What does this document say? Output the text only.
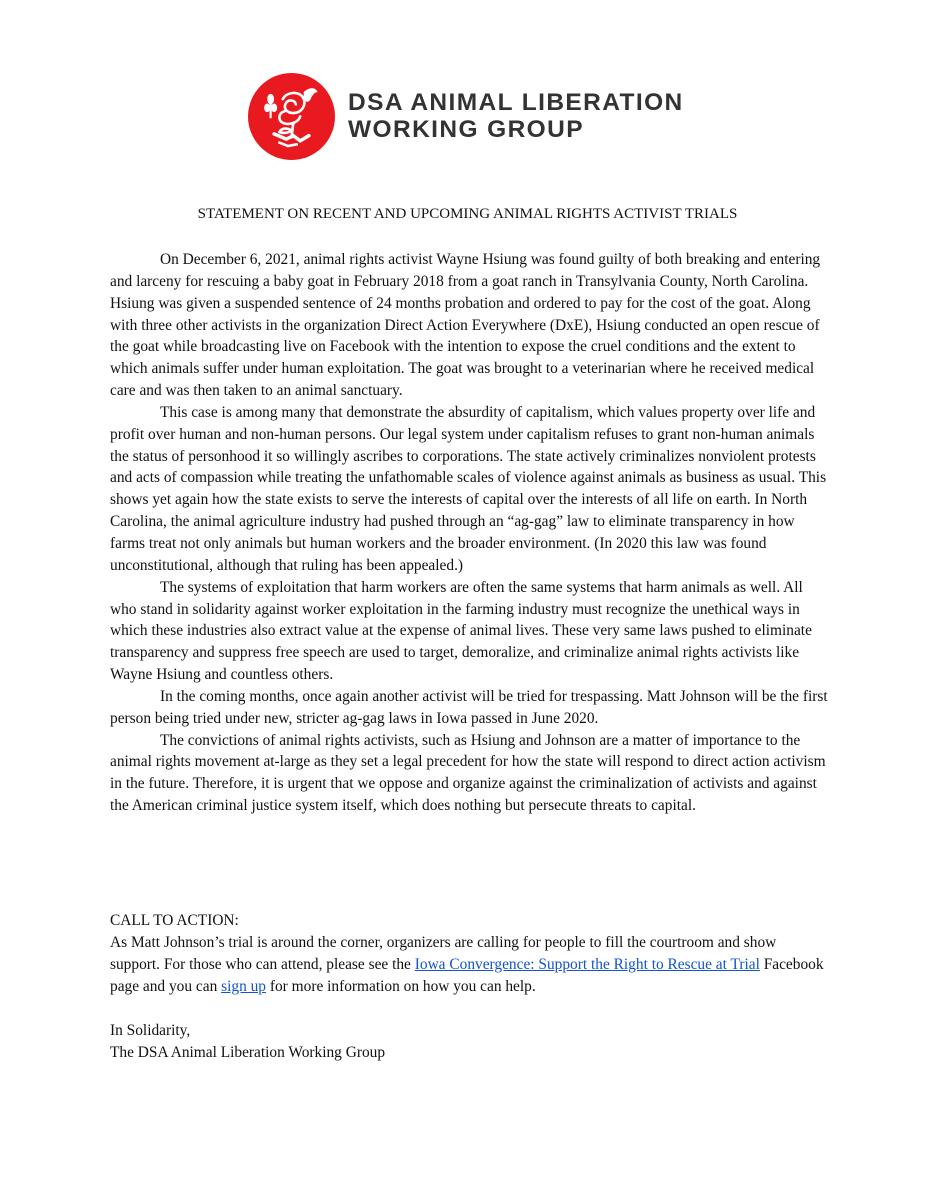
DSA ANIMAL LIBERATION
WORKING GROUP
STATEMENT ON RECENT AND UPCOMING ANIMAL RIGHTS ACTIVIST TRIALS

On December 6, 2021, animal rights activist Wayne Hsiung was found guilty of both breaking and entering and larceny for rescuing a baby goat in February 2018 from a goat ranch in Transylvania County, North Carolina. Hsiung was given a suspended sentence of 24 months probation and ordered to pay for the cost of the goat. Along with three other activists in the organization Direct Action Everywhere (DxE), Hsiung conducted an open rescue of the goat while broadcasting live on Facebook with the intention to expose the cruel conditions and the extent to which animals suffer under human exploitation. The goat was brought to a veterinarian where he received medical care and was then taken to an animal sanctuary.

This case is among many that demonstrate the absurdity of capitalism, which values property over life and profit over human and non-human persons. Our legal system under capitalism refuses to grant non-human animals the status of personhood it so willingly ascribes to corporations. The state actively criminalizes nonviolent protests and acts of compassion while treating the unfathomable scales of violence against animals as business as usual. This shows yet again how the state exists to serve the interests of capital over the interests of all life on earth. In North Carolina, the animal agriculture industry had pushed through an “ag-gag” law to eliminate transparency in how farms treat not only animals but human workers and the broader environment. (In 2020 this law was found unconstitutional, although that ruling has been appealed.)

The systems of exploitation that harm workers are often the same systems that harm animals as well. All who stand in solidarity against worker exploitation in the farming industry must recognize the unethical ways in which these industries also extract value at the expense of animal lives. These very same laws pushed to eliminate transparency and suppress free speech are used to target, demoralize, and criminalize animal rights activists like Wayne Hsiung and countless others.

In the coming months, once again another activist will be tried for trespassing. Matt Johnson will be the first person being tried under new, stricter ag-gag laws in Iowa passed in June 2020.

The convictions of animal rights activists, such as Hsiung and Johnson are a matter of importance to the animal rights movement at-large as they set a legal precedent for how the state will respond to direct action activism in the future. Therefore, it is urgent that we oppose and organize against the criminalization of activists and against the American criminal justice system itself, which does nothing but persecute threats to capital.

CALL TO ACTION:

As Matt Johnson’s trial is around the corner, organizers are calling for people to fill the courtroom and show support. For those who can attend, please see the Iowa Convergence: Support the Right to Rescue at Trial Facebook page and you can sign up for more information on how you can help.

In Solidarity,
The DSA Animal Liberation Working Group
